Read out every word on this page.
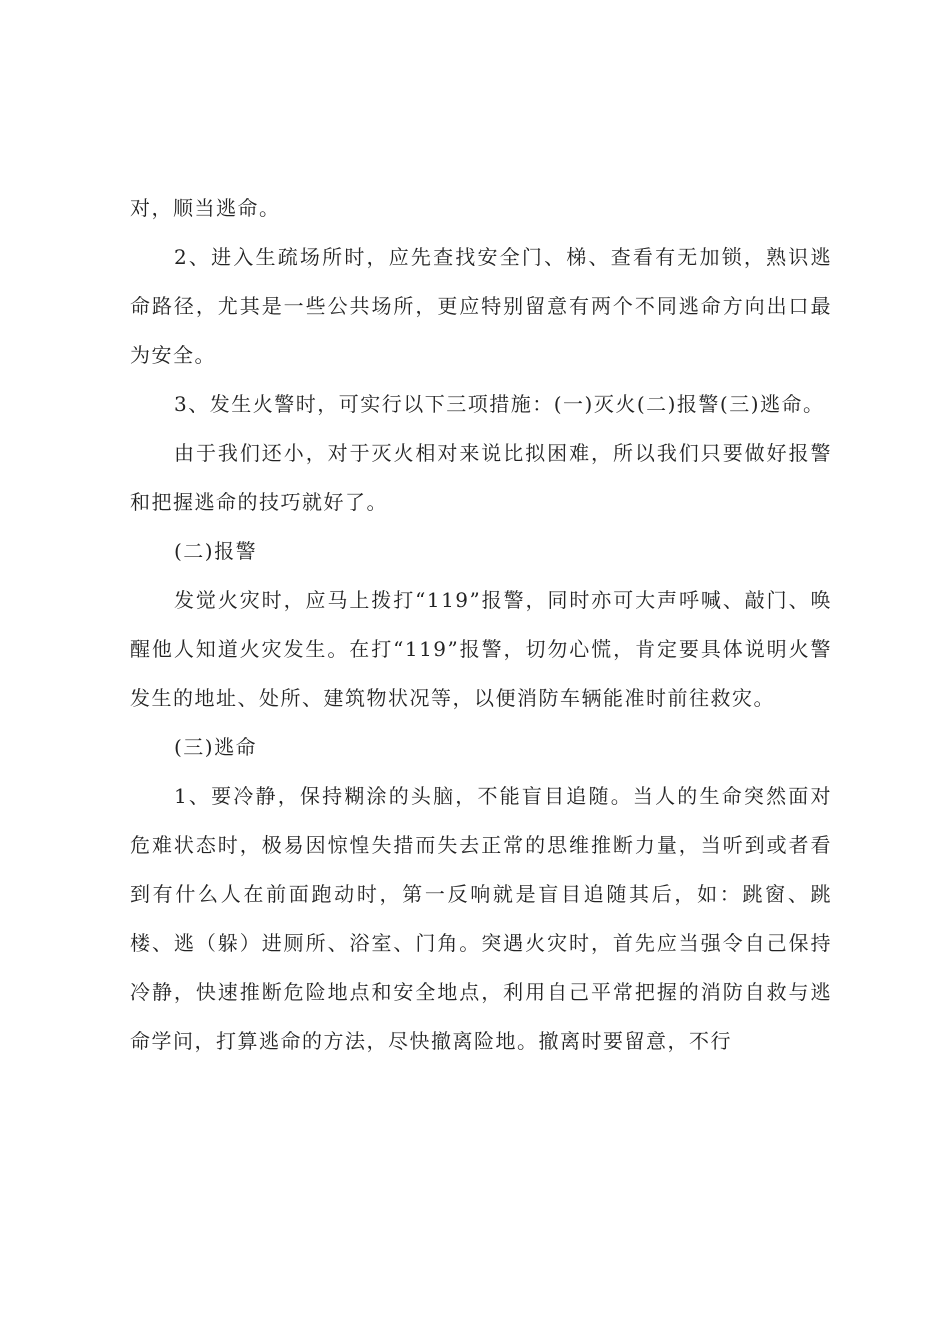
对，顺当逃命。

2、进入生疏场所时，应先查找安全门、梯、查看有无加锁，熟识逃命路径，尤其是一些公共场所，更应特别留意有两个不同逃命方向出口最为安全。

3、发生火警时，可实行以下三项措施：(一)灭火(二)报警(三)逃命。

由于我们还小，对于灭火相对来说比拟困难，所以我们只要做好报警和把握逃命的技巧就好了。

(二)报警

发觉火灾时，应马上拨打“119”报警，同时亦可大声呼喊、敲门、唤醒他人知道火灾发生。在打“119”报警，切勿心慌，肯定要具体说明火警发生的地址、处所、建筑物状况等，以便消防车辆能准时前往救灾。

(三)逃命

1、要冷静，保持糊涂的头脑，不能盲目追随。当人的生命突然面对危难状态时，极易因惊惶失措而失去正常的思维推断力量，当听到或者看到有什么人在前面跑动时，第一反响就是盲目追随其后，如：跳窗、跳楼、逃（躲）进厕所、浴室、门角。突遇火灾时，首先应当强令自己保持冷静，快速推断危险地点和安全地点，利用自己平常把握的消防自救与逃命学问，打算逃命的方法，尽快撤离险地。撤离时要留意，不行
